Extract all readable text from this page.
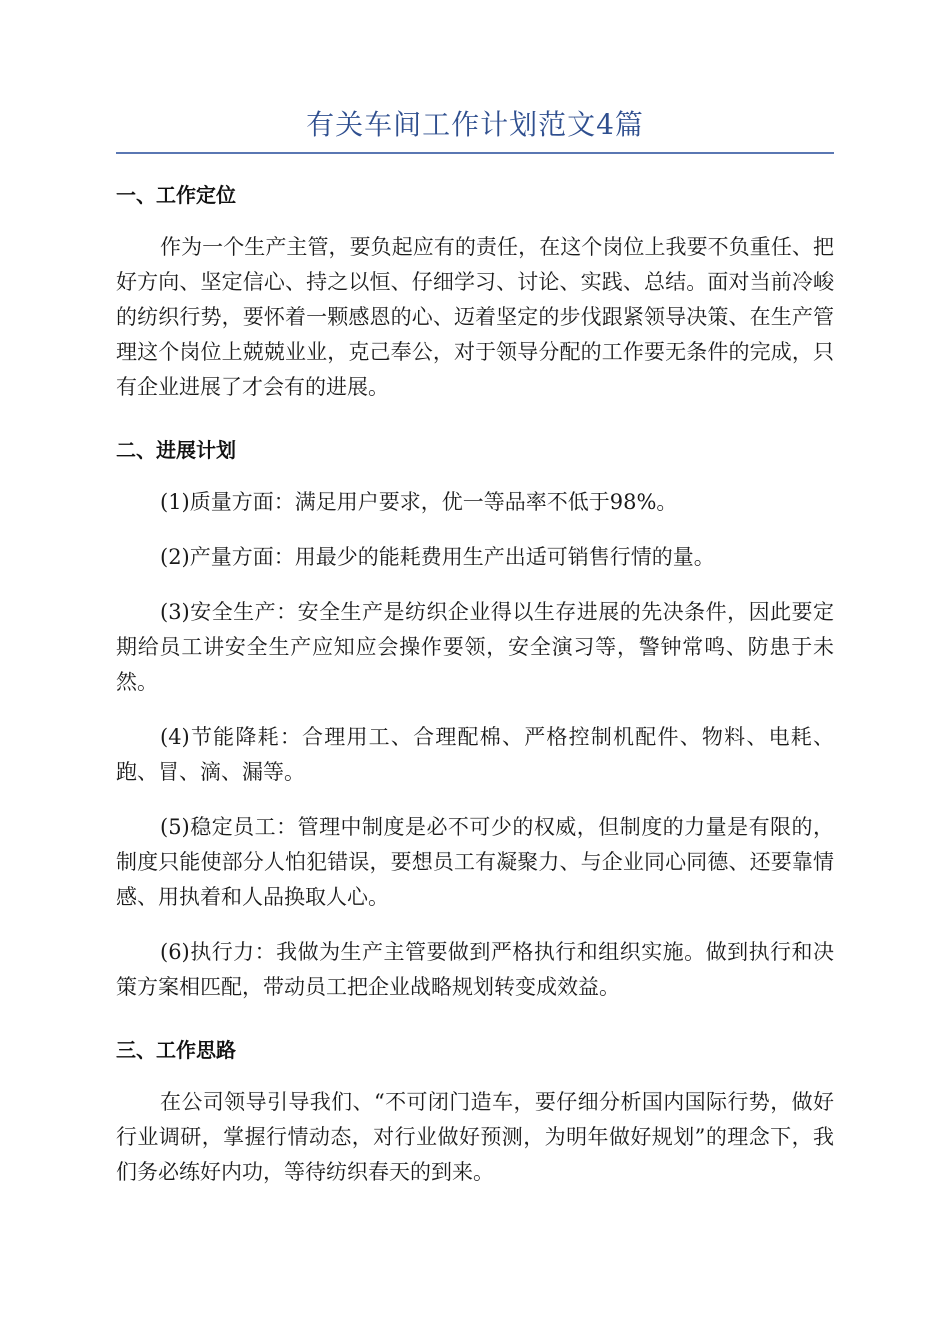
有关车间工作计划范文4篇
一、工作定位

作为一个生产主管，要负起应有的责任，在这个岗位上我要不负重任、把好方向、坚定信心、持之以恒、仔细学习、讨论、实践、总结。面对当前冷峻的纺织行势，要怀着一颗感恩的心、迈着坚定的步伐跟紧领导决策、在生产管理这个岗位上兢兢业业，克己奉公，对于领导分配的工作要无条件的完成，只有企业进展了才会有的进展。

二、进展计划

(1)质量方面：满足用户要求，优一等品率不低于98%。

(2)产量方面：用最少的能耗费用生产出适可销售行情的量。

(3)安全生产：安全生产是纺织企业得以生存进展的先决条件，因此要定期给员工讲安全生产应知应会操作要领，安全演习等，警钟常鸣、防患于未然。

(4)节能降耗：合理用工、合理配棉、严格控制机配件、物料、电耗、跑、冒、滴、漏等。

(5)稳定员工：管理中制度是必不可少的权威，但制度的力量是有限的，制度只能使部分人怕犯错误，要想员工有凝聚力、与企业同心同德、还要靠情感、用执着和人品换取人心。

(6)执行力：我做为生产主管要做到严格执行和组织实施。做到执行和决策方案相匹配，带动员工把企业战略规划转变成效益。

三、工作思路

在公司领导引导我们、“不可闭门造车，要仔细分析国内国际行势，做好行业调研，掌握行情动态，对行业做好预测，为明年做好规划”的理念下，我们务必练好内功，等待纺织春天的到来。
